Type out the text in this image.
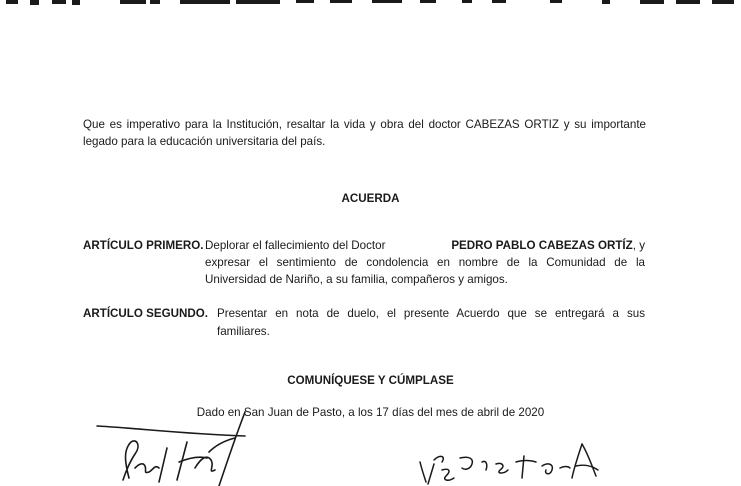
Que es imperativo para la Institución, resaltar la vida y obra del doctor CABEZAS ORTIZ y su importante
legado para la educación universitaria del país.
ACUERDA
ARTÍCULO PRIMERO. Deplorar el fallecimiento del Doctor	PEDRO PABLO CABEZAS ORTÍZ, y
expresar el sentimiento de condolencia en nombre de la Comunidad de la
Universidad de Nariño, a su familia, compañeros y amigos.
ARTÍCULO SEGUNDO. Presentar en nota de duelo, el presente Acuerdo que se entregará a sus
familiares.
COMUNÍQUESE Y CÚMPLASE
Dado en San Juan de Pasto, a los 17 días del mes de abril de 2020
